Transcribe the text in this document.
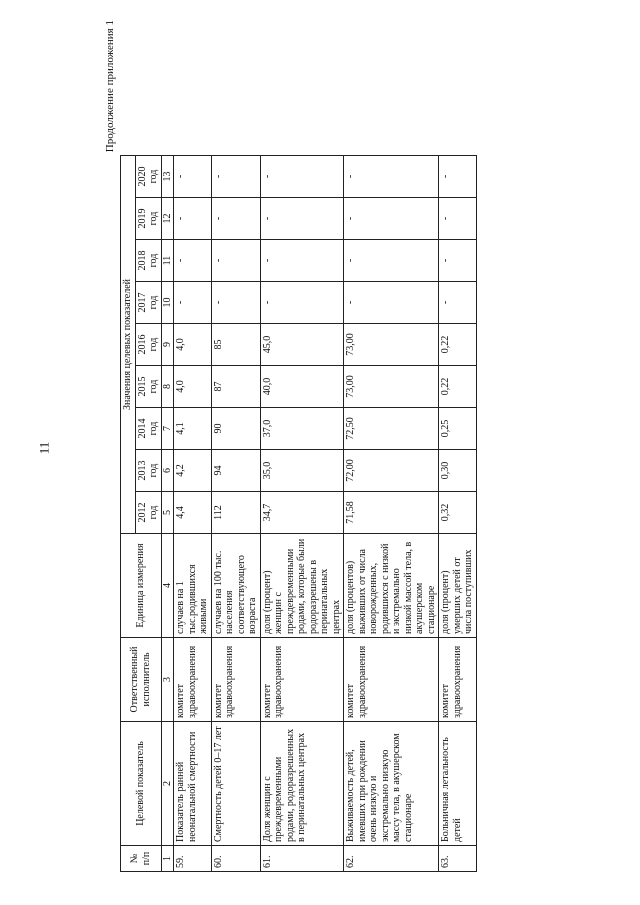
11
Продолжение приложения 1
№
п/п	Целевой показатель	Ответственный исполнитель	Единица измерения	Значения целевых показателей								
				2012 год	2013 год	2014 год	2015 год	2016 год	2017 год	2018 год	2019 год	2020 год
1	2	3	4	5	6	7	8	9	10	11	12	13
59.	Показатель ранней неонатальной смертности	комитет здравоохранения	случаев на 1 тыс.родившихся живыми	4,4	4,2	4,1	4,0	4,0	-	-	-	-
60.	Смертность детей 0–17 лет	комитет здравоохранения	случаев на 100 тыс. населения соответствующего возраста	112	94	90	87	85	-	-	-	-
61.	Доля женщин с преждевременными родами, родоразрешенных в перинатальных центрах	комитет здравоохранения	доля (процент) женщин с преждевременными родами, которые были родоразрешены в перинатальных центрах	34,7	35,0	37,0	40,0	45,0	-	-	-	-
62.	Выживаемость детей, имевших при рождении очень низкую и экстремально низкую массу тела, в акушерском стационаре	комитет здравоохранения	доля (процентов) выживших от числа новорожденных, родившихся с низкой и экстремально низкой массой тела, в акушерском стационаре	71,58	72,00	72,50	73,00	73,00	-	-	-	-
63.	Больничная летальность детей	комитет здравоохранения	доля (процент) умерших детей от числа поступивших	0,32	0,30	0,25	0,22	0,22	-	-	-	-
